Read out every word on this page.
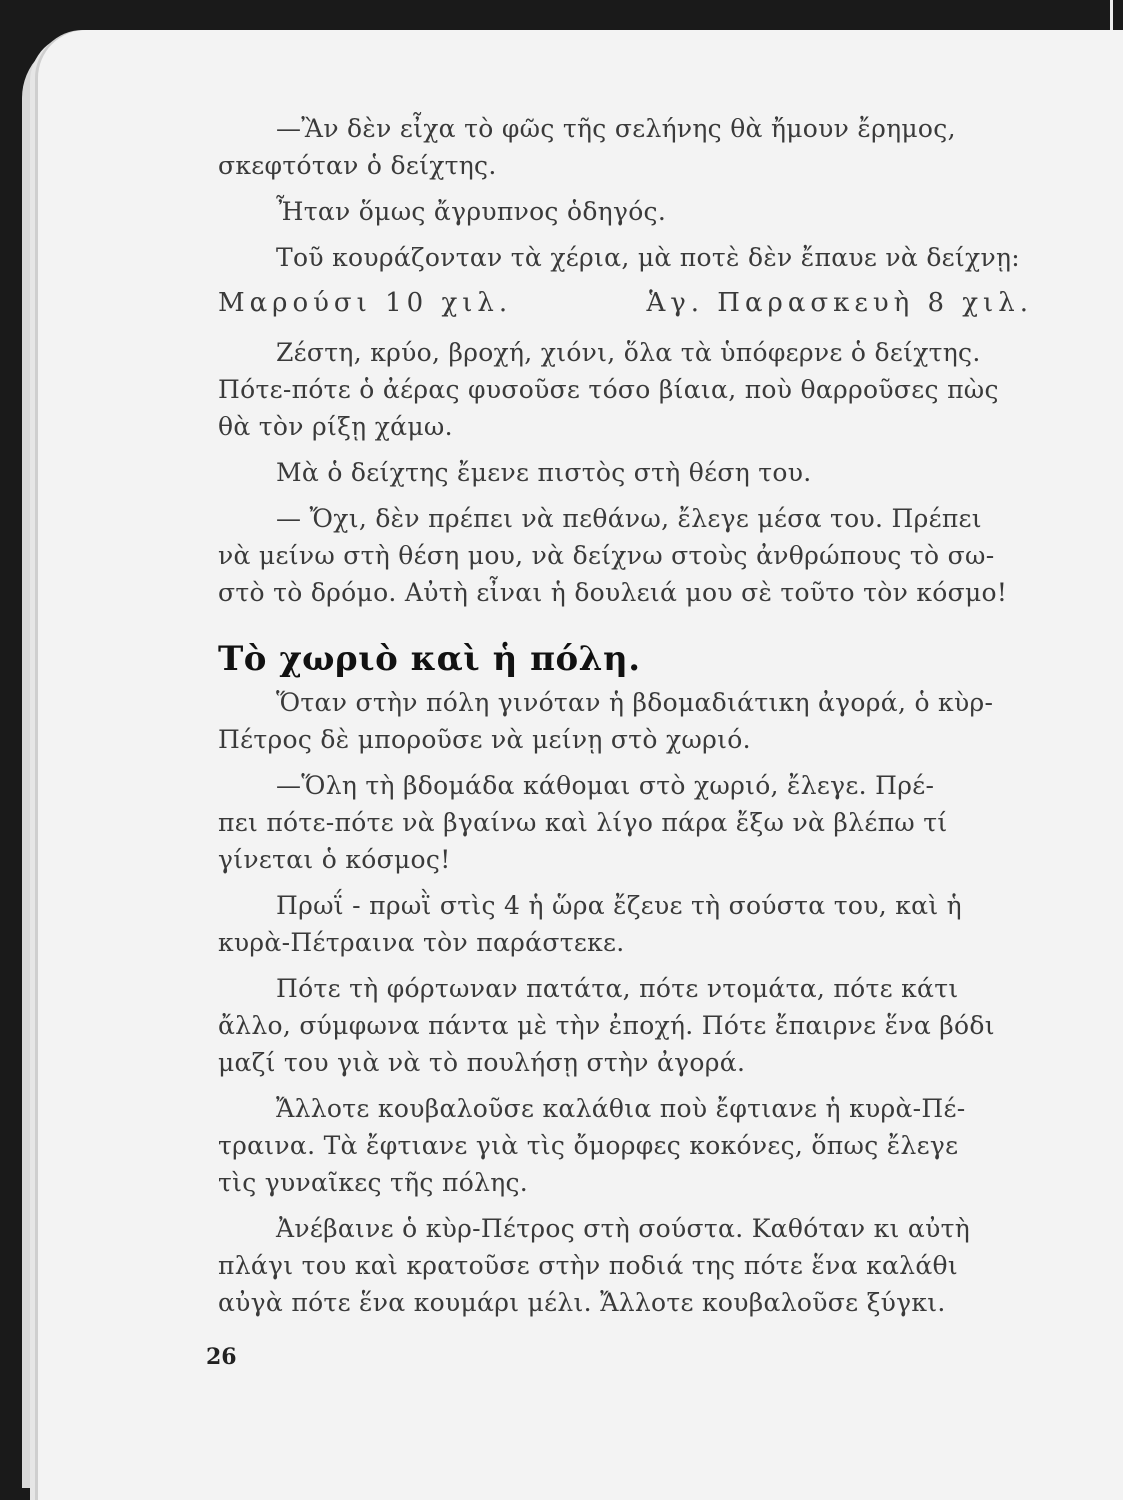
—Ἂν δὲν εἶχα τὸ φῶς τῆς σελήνης θὰ ἤμουν ἔρημος,
σκεφτόταν ὁ δείχτης.
Ἦταν ὅμως ἄγρυπνος ὁδηγός.
Τοῦ κουράζονταν τὰ χέρια, μὰ ποτὲ δὲν ἔπαυε νὰ δείχνῃ:
Μαρούσι 10 χιλ.	Ἁγ. Παρασκευὴ 8 χιλ.
Ζέστη, κρύο, βροχή, χιόνι, ὅλα τὰ ὑπόφερνε ὁ δείχτης.
Πότε-πότε ὁ ἀέρας φυσοῦσε τόσο βίαια, ποὺ θαρροῦσες πὼς
θὰ τὸν ρίξῃ χάμω.
Μὰ ὁ δείχτης ἔμενε πιστὸς στὴ θέση του.
— Ὄχι, δὲν πρέπει νὰ πεθάνω, ἔλεγε μέσα του. Πρέπει
νὰ μείνω στὴ θέση μου, νὰ δείχνω στοὺς ἀνθρώπους τὸ σω-
στὸ τὸ δρόμο. Αὐτὴ εἶναι ἡ δουλειά μου σὲ τοῦτο τὸν κόσμο!
Τὸ χωριὸ καὶ ἡ πόλη.
Ὅταν στὴν πόλη γινόταν ἡ βδομαδιάτικη ἀγορά, ὁ κὺρ-
Πέτρος δὲ μποροῦσε νὰ μείνῃ στὸ χωριό.
—Ὅλη τὴ βδομάδα κάθομαι στὸ χωριό, ἔλεγε. Πρέ-
πει πότε-πότε νὰ βγαίνω καὶ λίγο πάρα ἔξω νὰ βλέπω τί
γίνεται ὁ κόσμος!
Πρωΐ - πρωῒ στὶς 4 ἡ ὥρα ἔζευε τὴ σούστα του, καὶ ἡ
κυρὰ-Πέτραινα τὸν παράστεκε.
Πότε τὴ φόρτωναν πατάτα, πότε ντομάτα, πότε κάτι
ἄλλο, σύμφωνα πάντα μὲ τὴν ἐποχή. Πότε ἔπαιρνε ἕνα βόδι
μαζί του γιὰ νὰ τὸ πουλήσῃ στὴν ἀγορά.
Ἄλλοτε κουβαλοῦσε καλάθια ποὺ ἔφτιανε ἡ κυρὰ-Πέ-
τραινα. Τὰ ἔφτιανε γιὰ τὶς ὄμορφες κοκόνες, ὅπως ἔλεγε
τὶς γυναῖκες τῆς πόλης.
Ἀνέβαινε ὁ κὺρ-Πέτρος στὴ σούστα. Καθόταν κι αὐτὴ
πλάγι του καὶ κρατοῦσε στὴν ποδιά της πότε ἕνα καλάθι
αὐγὰ πότε ἕνα κουμάρι μέλι. Ἄλλοτε κουβαλοῦσε ξύγκι.
26
